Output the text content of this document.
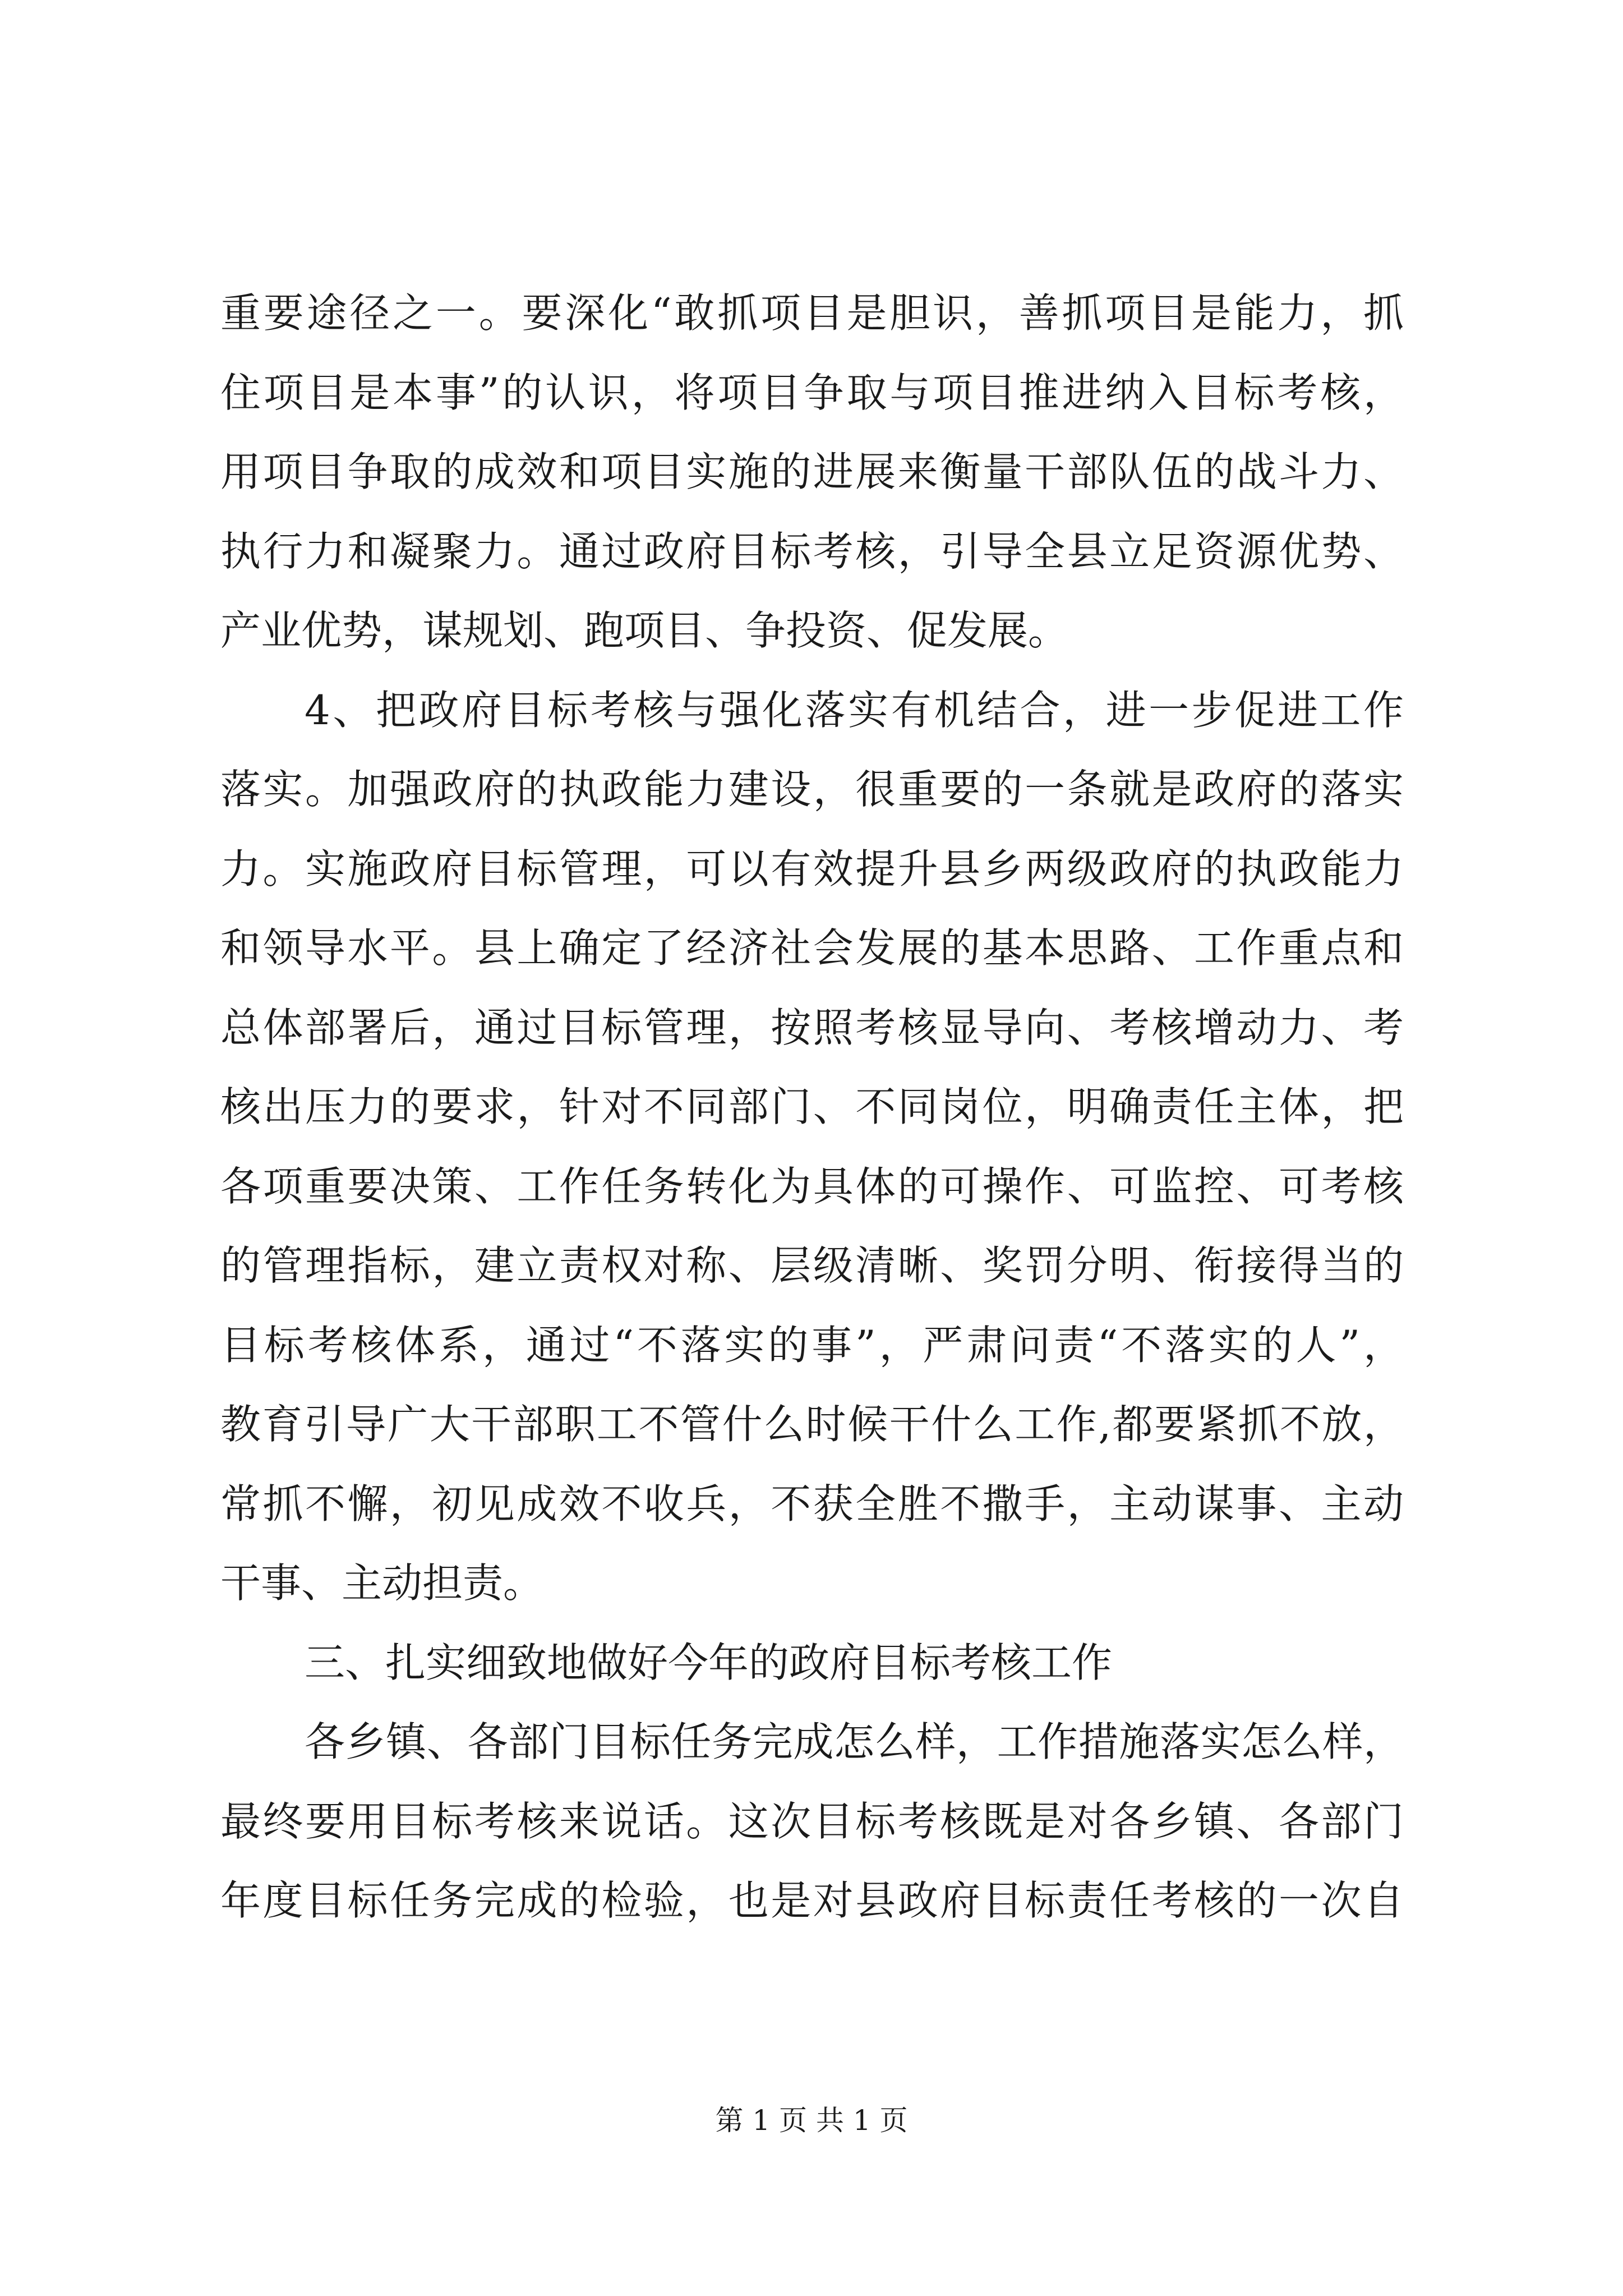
重要途径之一。要深化“敢抓项目是胆识，善抓项目是能力，抓
住项目是本事”的认识，将项目争取与项目推进纳入目标考核，
用项目争取的成效和项目实施的进展来衡量干部队伍的战斗力、
执行力和凝聚力。通过政府目标考核，引导全县立足资源优势、
产业优势，谋规划、跑项目、争投资、促发展。
4、把政府目标考核与强化落实有机结合，进一步促进工作
落实。加强政府的执政能力建设，很重要的一条就是政府的落实
力。实施政府目标管理，可以有效提升县乡两级政府的执政能力
和领导水平。县上确定了经济社会发展的基本思路、工作重点和
总体部署后，通过目标管理，按照考核显导向、考核增动力、考
核出压力的要求，针对不同部门、不同岗位，明确责任主体，把
各项重要决策、工作任务转化为具体的可操作、可监控、可考核
的管理指标，建立责权对称、层级清晰、奖罚分明、衔接得当的
目标考核体系，通过“不落实的事”，严肃问责“不落实的人”，
教育引导广大干部职工不管什么时候干什么工作,都要紧抓不放，
常抓不懈，初见成效不收兵，不获全胜不撒手，主动谋事、主动
干事、主动担责。
三、扎实细致地做好今年的政府目标考核工作
各乡镇、各部门目标任务完成怎么样，工作措施落实怎么样，
最终要用目标考核来说话。这次目标考核既是对各乡镇、各部门
年度目标任务完成的检验，也是对县政府目标责任考核的一次自
第 1 页 共 1 页
